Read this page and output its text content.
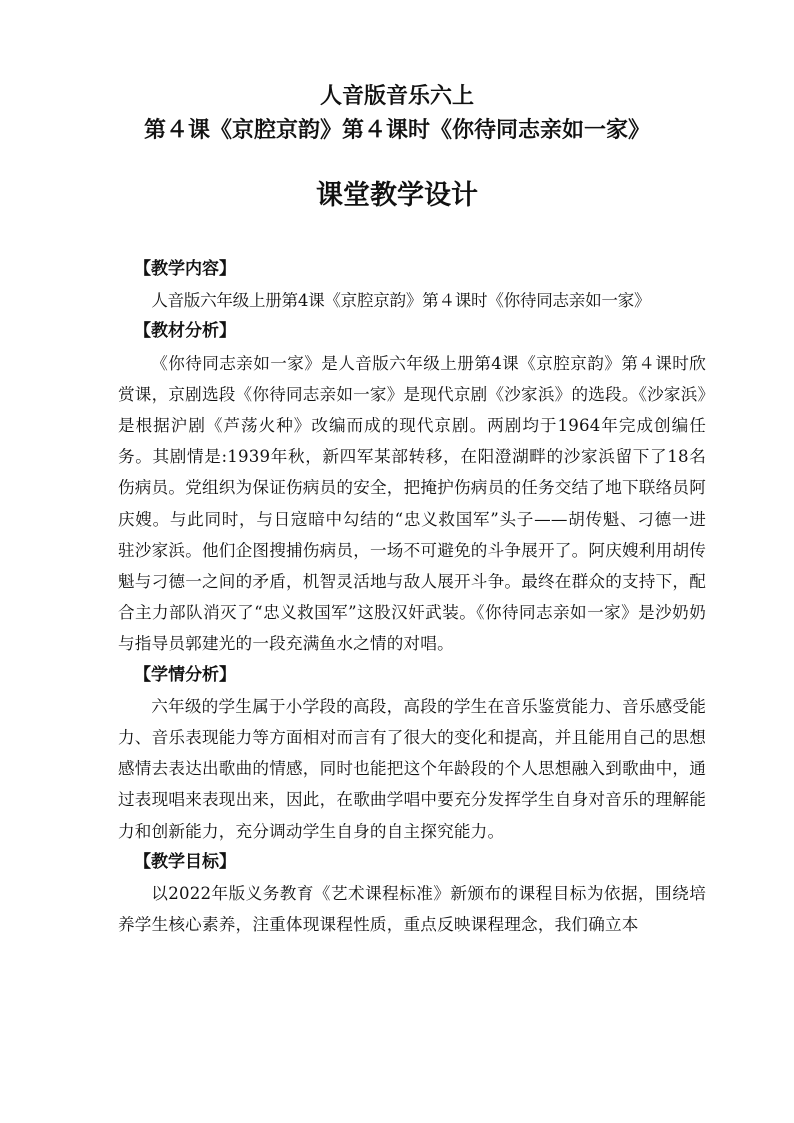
人音版音乐六上
第４课《京腔京韵》第４课时《你待同志亲如一家》
课堂教学设计
【教学内容】

人音版六年级上册第4课《京腔京韵》第４课时《你待同志亲如一家》

【教材分析】

《你待同志亲如一家》是人音版六年级上册第4课《京腔京韵》第４课时欣赏课，京剧选段《你待同志亲如一家》是现代京剧《沙家浜》的选段。《沙家浜》是根据沪剧《芦荡火种》改编而成的现代京剧。两剧均于1964年完成创编任务。其剧情是:1939年秋，新四军某部转移，在阳澄湖畔的沙家浜留下了18名伤病员。党组织为保证伤病员的安全，把掩护伤病员的任务交结了地下联络员阿庆嫂。与此同时，与日寇暗中勾结的“忠义救国军”头子——胡传魁、刁德一进驻沙家浜。他们企图搜捕伤病员，一场不可避免的斗争展开了。阿庆嫂利用胡传魁与刁德一之间的矛盾，机智灵活地与敌人展开斗争。最终在群众的支持下，配合主力部队消灭了“忠义救国军”这股汉奸武装。《你待同志亲如一家》是沙奶奶与指导员郭建光的一段充满鱼水之情的对唱。

【学情分析】

六年级的学生属于小学段的高段，高段的学生在音乐鉴赏能力、音乐感受能力、音乐表现能力等方面相对而言有了很大的变化和提高，并且能用自己的思想感情去表达出歌曲的情感，同时也能把这个年龄段的个人思想融入到歌曲中，通过表现唱来表现出来，因此，在歌曲学唱中要充分发挥学生自身对音乐的理解能力和创新能力，充分调动学生自身的自主探究能力。

【教学目标】

以2022年版义务教育《艺术课程标准》新颁布的课程目标为依据，围绕培养学生核心素养，注重体现课程性质，重点反映课程理念，我们确立本
